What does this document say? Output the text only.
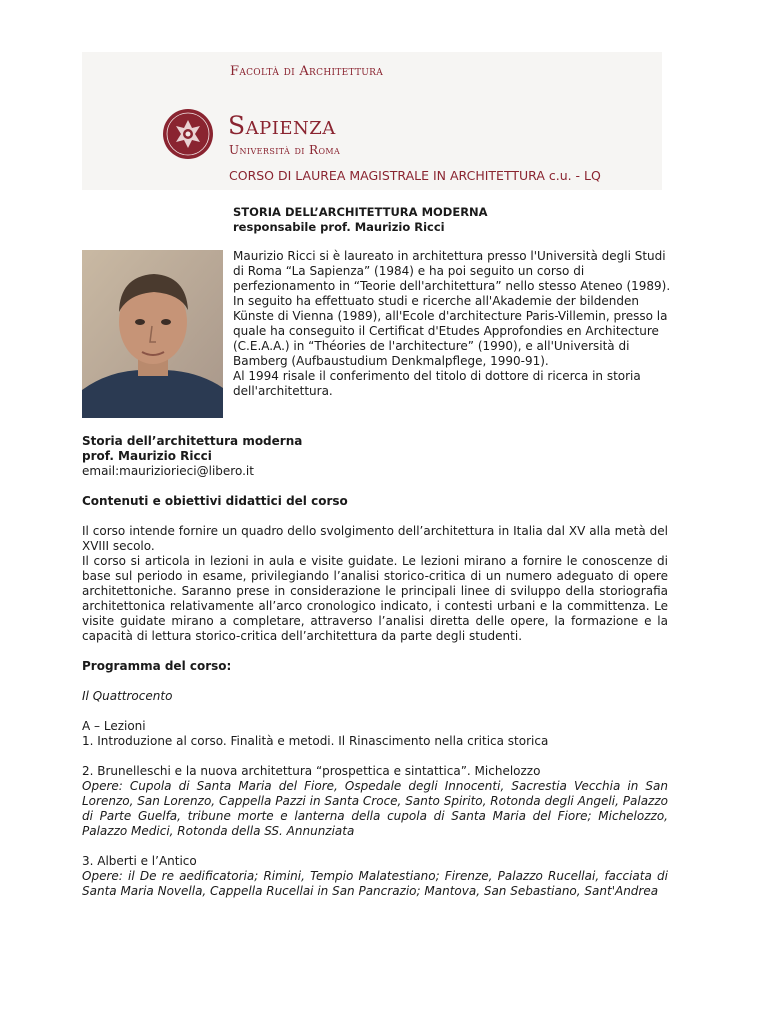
Facoltà di Architettura
Sapienza
Università di Roma
CORSO DI LAUREA MAGISTRALE IN ARCHITETTURA c.u. - LQ
STORIA DELL’ARCHITETTURA MODERNA
responsabile prof. Maurizio Ricci

Maurizio Ricci si è laureato in architettura presso l'Università degli Studi di Roma “La Sapienza” (1984) e ha poi seguito un corso di perfezionamento in “Teorie dell'architettura” nello stesso Ateneo (1989). In seguito ha effettuato studi e ricerche all'Akademie der bildenden Künste di Vienna (1989), all'Ecole d'architecture Paris-Villemin, presso la quale ha conseguito il Certificat d'Etudes Approfondies en Architecture (C.E.A.A.) in “Théories de l'architecture” (1990), e all'Università di Bamberg (Aufbaustudium Denkmalpflege, 1990-91).

Al 1994 risale il conferimento del titolo di dottore di ricerca in storia dell'architettura.

Storia dell’architettura moderna

prof. Maurizio Ricci

email:mauriziorieci@libero.it

Contenuti e obiettivi didattici del corso

Il corso intende fornire un quadro dello svolgimento dell’architettura in Italia dal XV alla metà del XVIII secolo.

Il corso si articola in lezioni in aula e visite guidate. Le lezioni mirano a fornire le conoscenze di base sul periodo in esame, privilegiando l’analisi storico-critica di un numero adeguato di opere architettoniche. Saranno prese in considerazione le principali linee di sviluppo della storiografia architettonica relativamente all’arco cronologico indicato, i contesti urbani e la committenza. Le visite guidate mirano a completare, attraverso l’analisi diretta delle opere, la formazione e la capacità di lettura storico-critica dell’architettura da parte degli studenti.

Programma del corso:

Il Quattrocento

A – Lezioni

1. Introduzione al corso. Finalità e metodi. Il Rinascimento nella critica storica

2. Brunelleschi e la nuova architettura “prospettica e sintattica”. Michelozzo

Opere: Cupola di Santa Maria del Fiore, Ospedale degli Innocenti, Sacrestia Vecchia in San Lorenzo, San Lorenzo, Cappella Pazzi in Santa Croce, Santo Spirito, Rotonda degli Angeli, Palazzo di Parte Guelfa, tribune morte e lanterna della cupola di Santa Maria del Fiore; Michelozzo, Palazzo Medici, Rotonda della SS. Annunziata

3. Alberti e l’Antico

Opere: il De re aedificatoria; Rimini, Tempio Malatestiano; Firenze, Palazzo Rucellai, facciata di Santa Maria Novella, Cappella Rucellai in San Pancrazio; Mantova, San Sebastiano, Sant'Andrea
